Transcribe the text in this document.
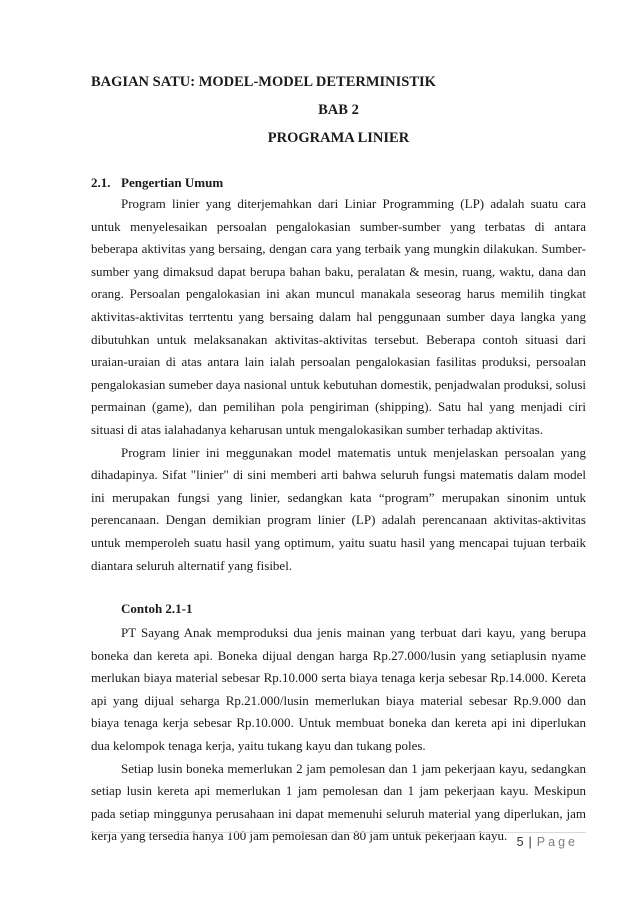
BAGIAN SATU: MODEL-MODEL DETERMINISTIK

BAB 2

PROGRAMA LINIER

2.1. Pengertian Umum

Program linier yang diterjemahkan dari Liniar Programming (LP) adalah suatu cara untuk menyelesaikan persoalan pengalokasian sumber-sumber yang terbatas di antara beberapa aktivitas yang bersaing, dengan cara yang terbaik yang mungkin dilakukan. Sumber-sumber yang dimaksud dapat berupa bahan baku, peralatan & mesin, ruang, waktu, dana dan orang. Persoalan pengalokasian ini akan muncul manakala seseorag harus memilih tingkat aktivitas-aktivitas terrtentu yang bersaing dalam hal penggunaan sumber daya langka yang dibutuhkan untuk melaksanakan aktivitas-aktivitas tersebut. Beberapa contoh situasi dari uraian-uraian di atas antara lain ialah persoalan pengalokasian fasilitas produksi, persoalan pengalokasian sumeber daya nasional untuk kebutuhan domestik, penjadwalan produksi, solusi permainan (game), dan pemilihan pola pengiriman (shipping). Satu hal yang menjadi ciri situasi di atas ialahadanya keharusan untuk mengalokasikan sumber terhadap aktivitas.

Program linier ini meggunakan model matematis untuk menjelaskan persoalan yang dihadapinya. Sifat "linier" di sini memberi arti bahwa seluruh fungsi matematis dalam model ini merupakan fungsi yang linier, sedangkan kata “program” merupakan sinonim untuk perencanaan. Dengan demikian program linier (LP) adalah perencanaan aktivitas-aktivitas untuk memperoleh suatu hasil yang optimum, yaitu suatu hasil yang mencapai tujuan terbaik diantara seluruh alternatif yang fisibel.

Contoh 2.1-1

PT Sayang Anak memproduksi dua jenis mainan yang terbuat dari kayu, yang berupa boneka dan kereta api. Boneka dijual dengan harga Rp.27.000/lusin yang setiaplusin nyame merlukan biaya material sebesar Rp.10.000 serta biaya tenaga kerja sebesar Rp.14.000. Kereta api yang dijual seharga Rp.21.000/lusin memerlukan biaya material sebesar Rp.9.000 dan biaya tenaga kerja sebesar Rp.10.000. Untuk membuat boneka dan kereta api ini diperlukan dua kelompok tenaga kerja, yaitu tukang kayu dan tukang poles.

Setiap lusin boneka memerlukan 2 jam pemolesan dan 1 jam pekerjaan kayu, sedangkan setiap lusin kereta api memerlukan 1 jam pemolesan dan 1 jam pekerjaan kayu. Meskipun pada setiap minggunya perusahaan ini dapat memenuhi seluruh material yang diperlukan, jam kerja yang tersedia hanya 100 jam pemolesan dan 80 jam untuk pekerjaan kayu. 5 | Page
